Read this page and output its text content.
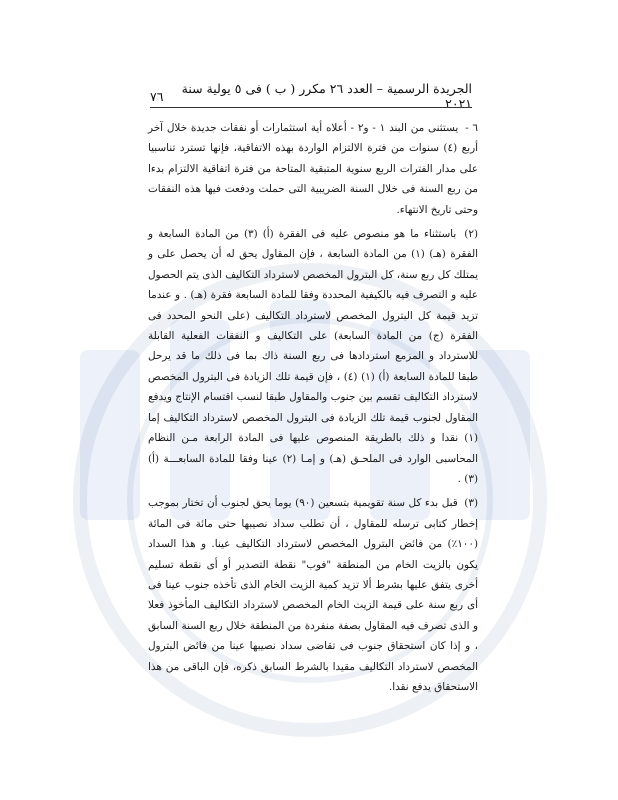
الجريدة الرسمية – العدد ٢٦ مكرر ( ب ) فى ٥ يولية سنة ٢٠٢١
٧٦

٦ - يستثنى من البند ١ - و٢ - أعلاه أية استثمارات أو نفقات جديدة خلال آخر أربع (٤) سنوات من فترة الالتزام الواردة بهذه الاتفاقية، فإنها تسترد تناسبيا على مدار الفترات الربع سنوية المتبقية المتاحة من فترة اتفاقية الالتزام بدءا من ربع السنة فى خلال السنة الضريبية التى حملت ودفعت فيها هذه النفقات وحتى تاريخ الانتهاء.

(٢) باستثناء ما هو منصوص عليه فى الفقرة (أ) (٣) من المادة السابعة و الفقرة (هـ) (١) من المادة السابعة ، فإن المقاول يحق له أن يحصل على و يمتلك كل ربع سنة، كل البترول المخصص لاسترداد التكاليف الذى يتم الحصول عليه و التصرف فيه بالكيفية المحددة وفقا للمادة السابعة فقرة (هـ) . و عندما تزيد قيمة كل البترول المخصص لاسترداد التكاليف (على النحو المحدد فى الفقرة (ج) من المادة السابعة) على التكاليف و النفقات الفعلية القابلة للاسترداد و المزمع استردادها فى ربع السنة ذاك بما فى ذلك ما قد يرحل طبقا للمادة السابعة (أ) (١) (٤) ، فإن قيمة تلك الزيادة فى البترول المخصص لاسترداد التكاليف تقسم بين جنوب والمقاول طبقا لنسب اقتسام الإنتاج ويدفع المقاول لجنوب قيمة تلك الزيادة فى البترول المخصص لاسترداد التكاليف إما (١) نقدا و ذلك بالطريقة المنصوص عليها فى المادة الرابعة مـن النظام المحاسبى الوارد فى الملحـق (هـ) و إمـا (٢) عينا وفقا للمادة السابعـــة (أ) (٣) .

(٣) قبل بدء كل سنة تقويمية بتسعين (٩٠) يوما يحق لجنوب أن تختار بموجب إخطار كتابى ترسله للمقاول ، أن تطلب سداد نصيبها حتى مائة فى المائة (١٠٠٪) من فائض البترول المخصص لاسترداد التكاليف عينا. و هذا السداد يكون بالزيت الخام من المنطقة "فوب" نقطة التصدير أو أى نقطة تسليم أخرى يتفق عليها بشرط ألا تزيد كمية الزيت الخام الذى تأخذه جنوب عينا فى أى ربع سنة على قيمة الزيت الخام المخصص لاسترداد التكاليف المأخوذ فعلا و الذى تصرف فيه المقاول بصفة منفردة من المنطقة خلال ربع السنة السابق ، و إذا كان استحقاق جنوب فى تقاضى سداد نصيبها عينا من فائض البترول المخصص لاسترداد التكاليف مقيدا بالشرط السابق ذكره، فإن الباقى من هذا الاستحقاق يدفع نقدا.
